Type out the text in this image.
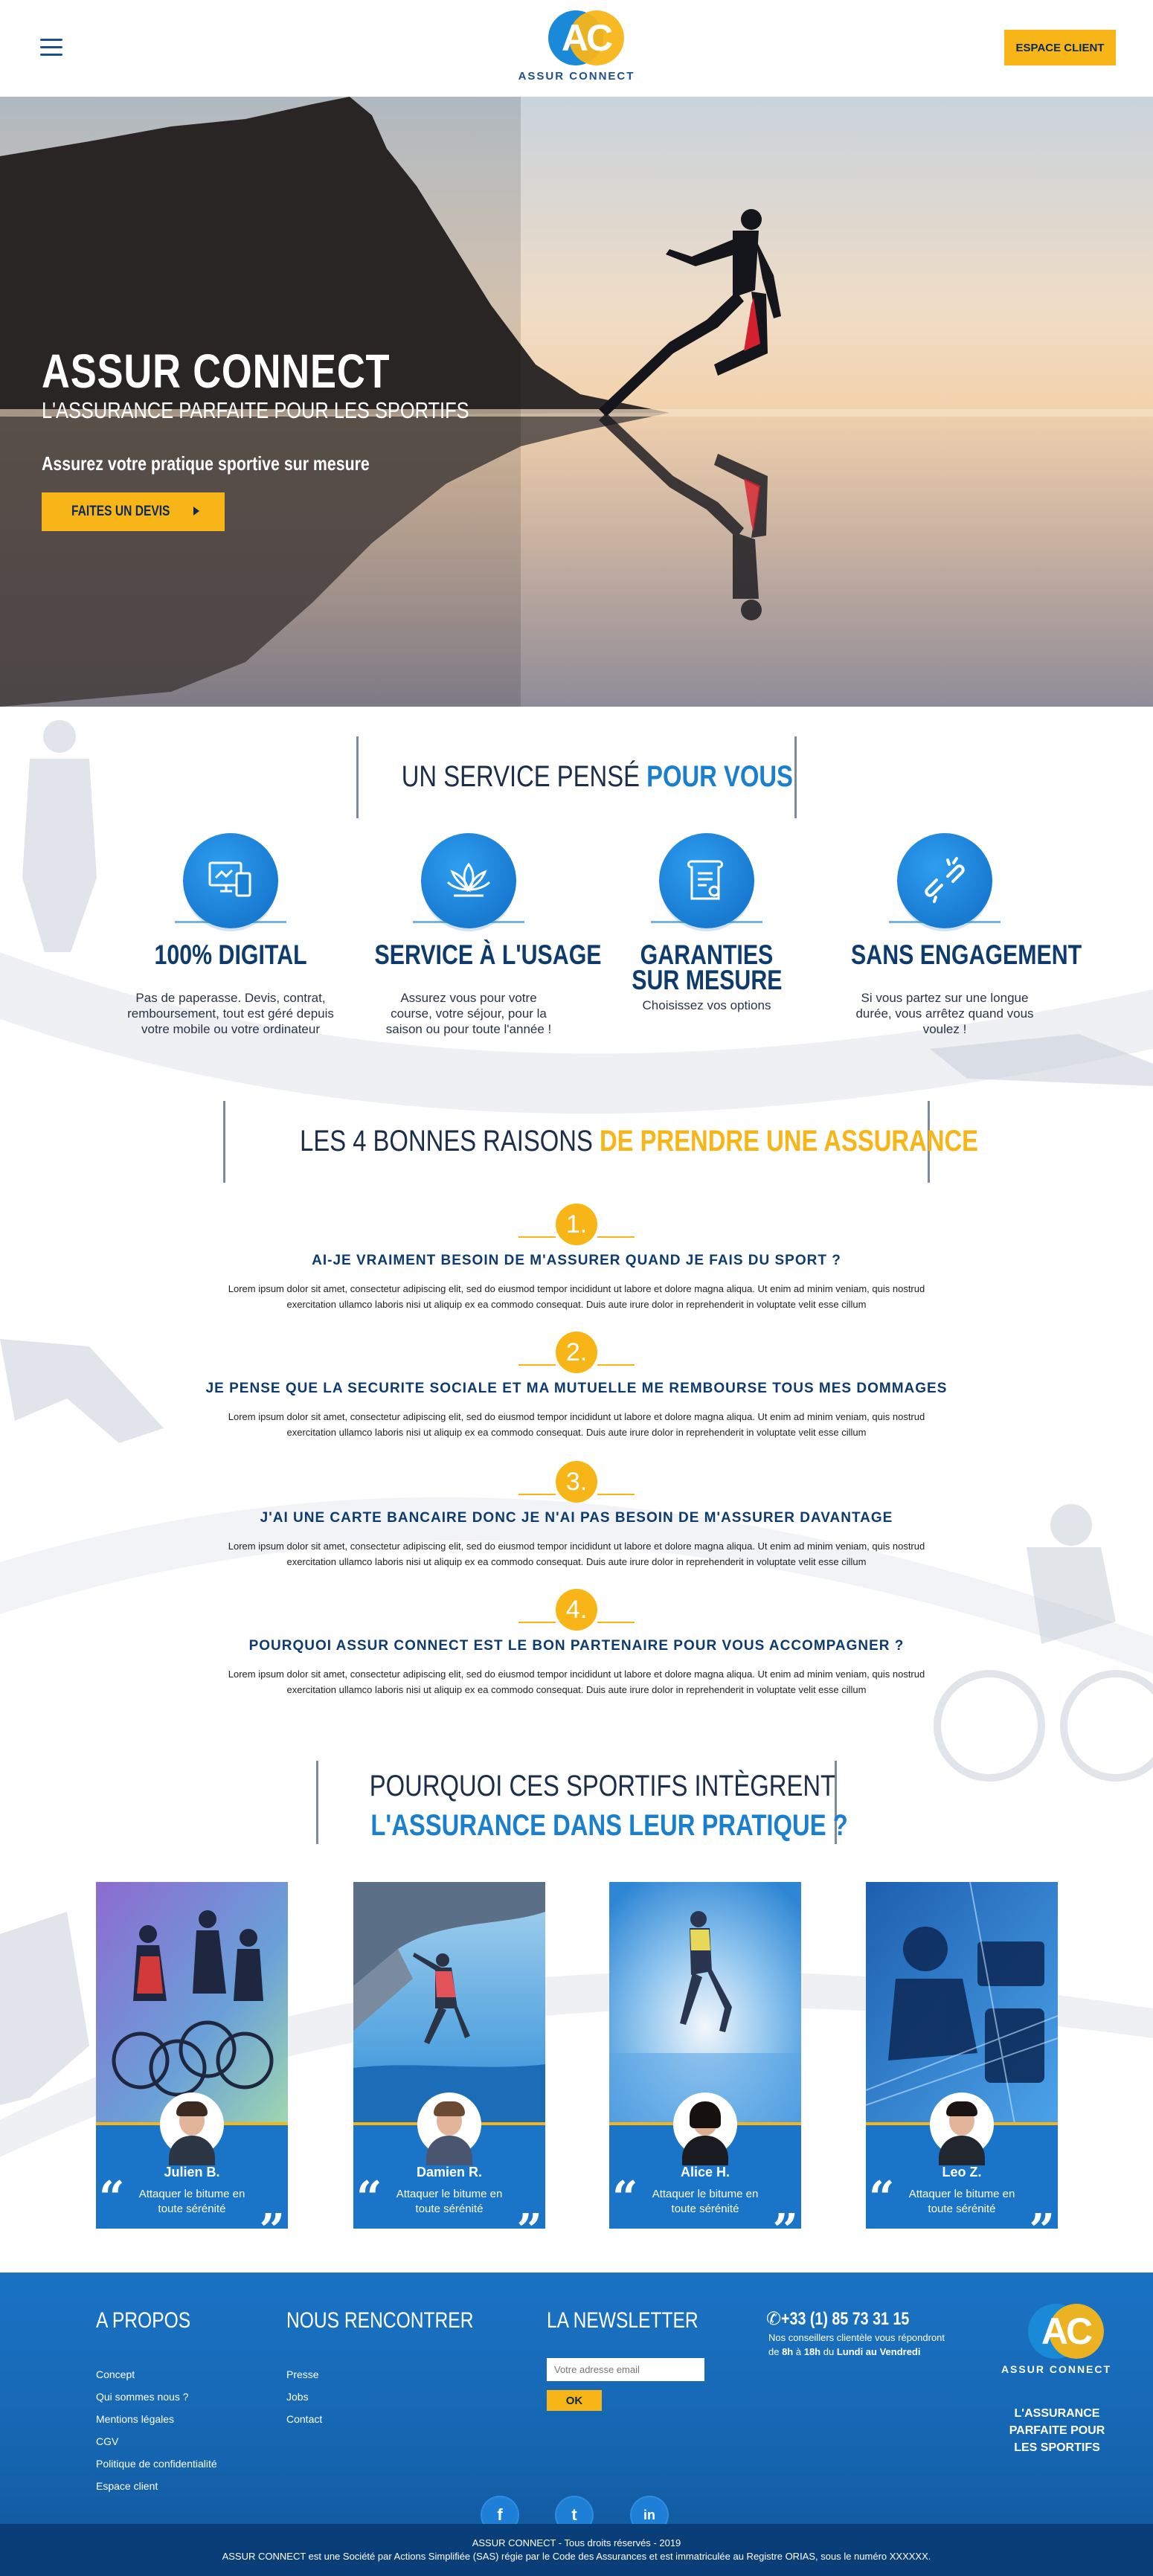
AC
ASSUR CONNECT
ESPACE CLIENT
ASSUR CONNECT
L'ASSURANCE PARFAITE POUR LES SPORTIFS
Assurez votre pratique sportive sur mesure
FAITES UN DEVIS
UN SERVICE PENSÉ POUR VOUS
100% DIGITAL
Pas de paperasse. Devis, contrat, remboursement, tout est géré depuis votre mobile ou votre ordinateur
SERVICE À L'USAGE
Assurez vous pour votre course, votre séjour, pour la saison ou pour toute l'année !
GARANTIES
SUR MESURE
Choisissez vos options
SANS ENGAGEMENT
Si vous partez sur une longue durée, vous arrêtez quand vous voulez !
LES 4 BONNES RAISONS DE PRENDRE UNE ASSURANCE
1.
AI-JE VRAIMENT BESOIN DE M'ASSURER QUAND JE FAIS DU SPORT ?
Lorem ipsum dolor sit amet, consectetur adipiscing elit, sed do eiusmod tempor incididunt ut labore et dolore magna aliqua. Ut enim ad minim veniam, quis nostrud
exercitation ullamco laboris nisi ut aliquip ex ea commodo consequat. Duis aute irure dolor in reprehenderit in voluptate velit esse cillum
2.
JE PENSE QUE LA SECURITE SOCIALE ET MA MUTUELLE ME REMBOURSE TOUS MES DOMMAGES
Lorem ipsum dolor sit amet, consectetur adipiscing elit, sed do eiusmod tempor incididunt ut labore et dolore magna aliqua. Ut enim ad minim veniam, quis nostrud
exercitation ullamco laboris nisi ut aliquip ex ea commodo consequat. Duis aute irure dolor in reprehenderit in voluptate velit esse cillum
3.
J'AI UNE CARTE BANCAIRE DONC JE N'AI PAS BESOIN DE M'ASSURER DAVANTAGE
Lorem ipsum dolor sit amet, consectetur adipiscing elit, sed do eiusmod tempor incididunt ut labore et dolore magna aliqua. Ut enim ad minim veniam, quis nostrud
exercitation ullamco laboris nisi ut aliquip ex ea commodo consequat. Duis aute irure dolor in reprehenderit in voluptate velit esse cillum
4.
POURQUOI ASSUR CONNECT EST LE BON PARTENAIRE POUR VOUS ACCOMPAGNER ?
Lorem ipsum dolor sit amet, consectetur adipiscing elit, sed do eiusmod tempor incididunt ut labore et dolore magna aliqua. Ut enim ad minim veniam, quis nostrud
exercitation ullamco laboris nisi ut aliquip ex ea commodo consequat. Duis aute irure dolor in reprehenderit in voluptate velit esse cillum
POURQUOI CES SPORTIFS INTÈGRENT
L'ASSURANCE DANS LEUR PRATIQUE ?
“	Julien B.
Attaquer le bitume en toute sérénité ”
“	Damien R.
Attaquer le bitume en toute sérénité ”
“	Alice H.
Attaquer le bitume en toute sérénité ”
“	Leo Z.
Attaquer le bitume en toute sérénité ”
A PROPOS
Concept
Qui sommes nous ?
Mentions légales
CGV
Politique de confidentialité
Espace client
NOUS RENCONTRER
Presse
Jobs
Contact
LA NEWSLETTER
Votre adresse email
OK
✆+33 (1) 85 73 31 15
Nos conseillers clientèle vous répondront
de 8h à 18h du Lundi au Vendredi	AC
ASSUR CONNECT
L'ASSURANCE PARFAITE POUR LES SPORTIFS
f	t	in
ASSUR CONNECT - Tous droits réservés - 2019
ASSUR CONNECT est une Société par Actions Simplifiée (SAS) régie par le Code des Assurances et est immatriculée au Registre ORIAS, sous le numéro XXXXXX.
